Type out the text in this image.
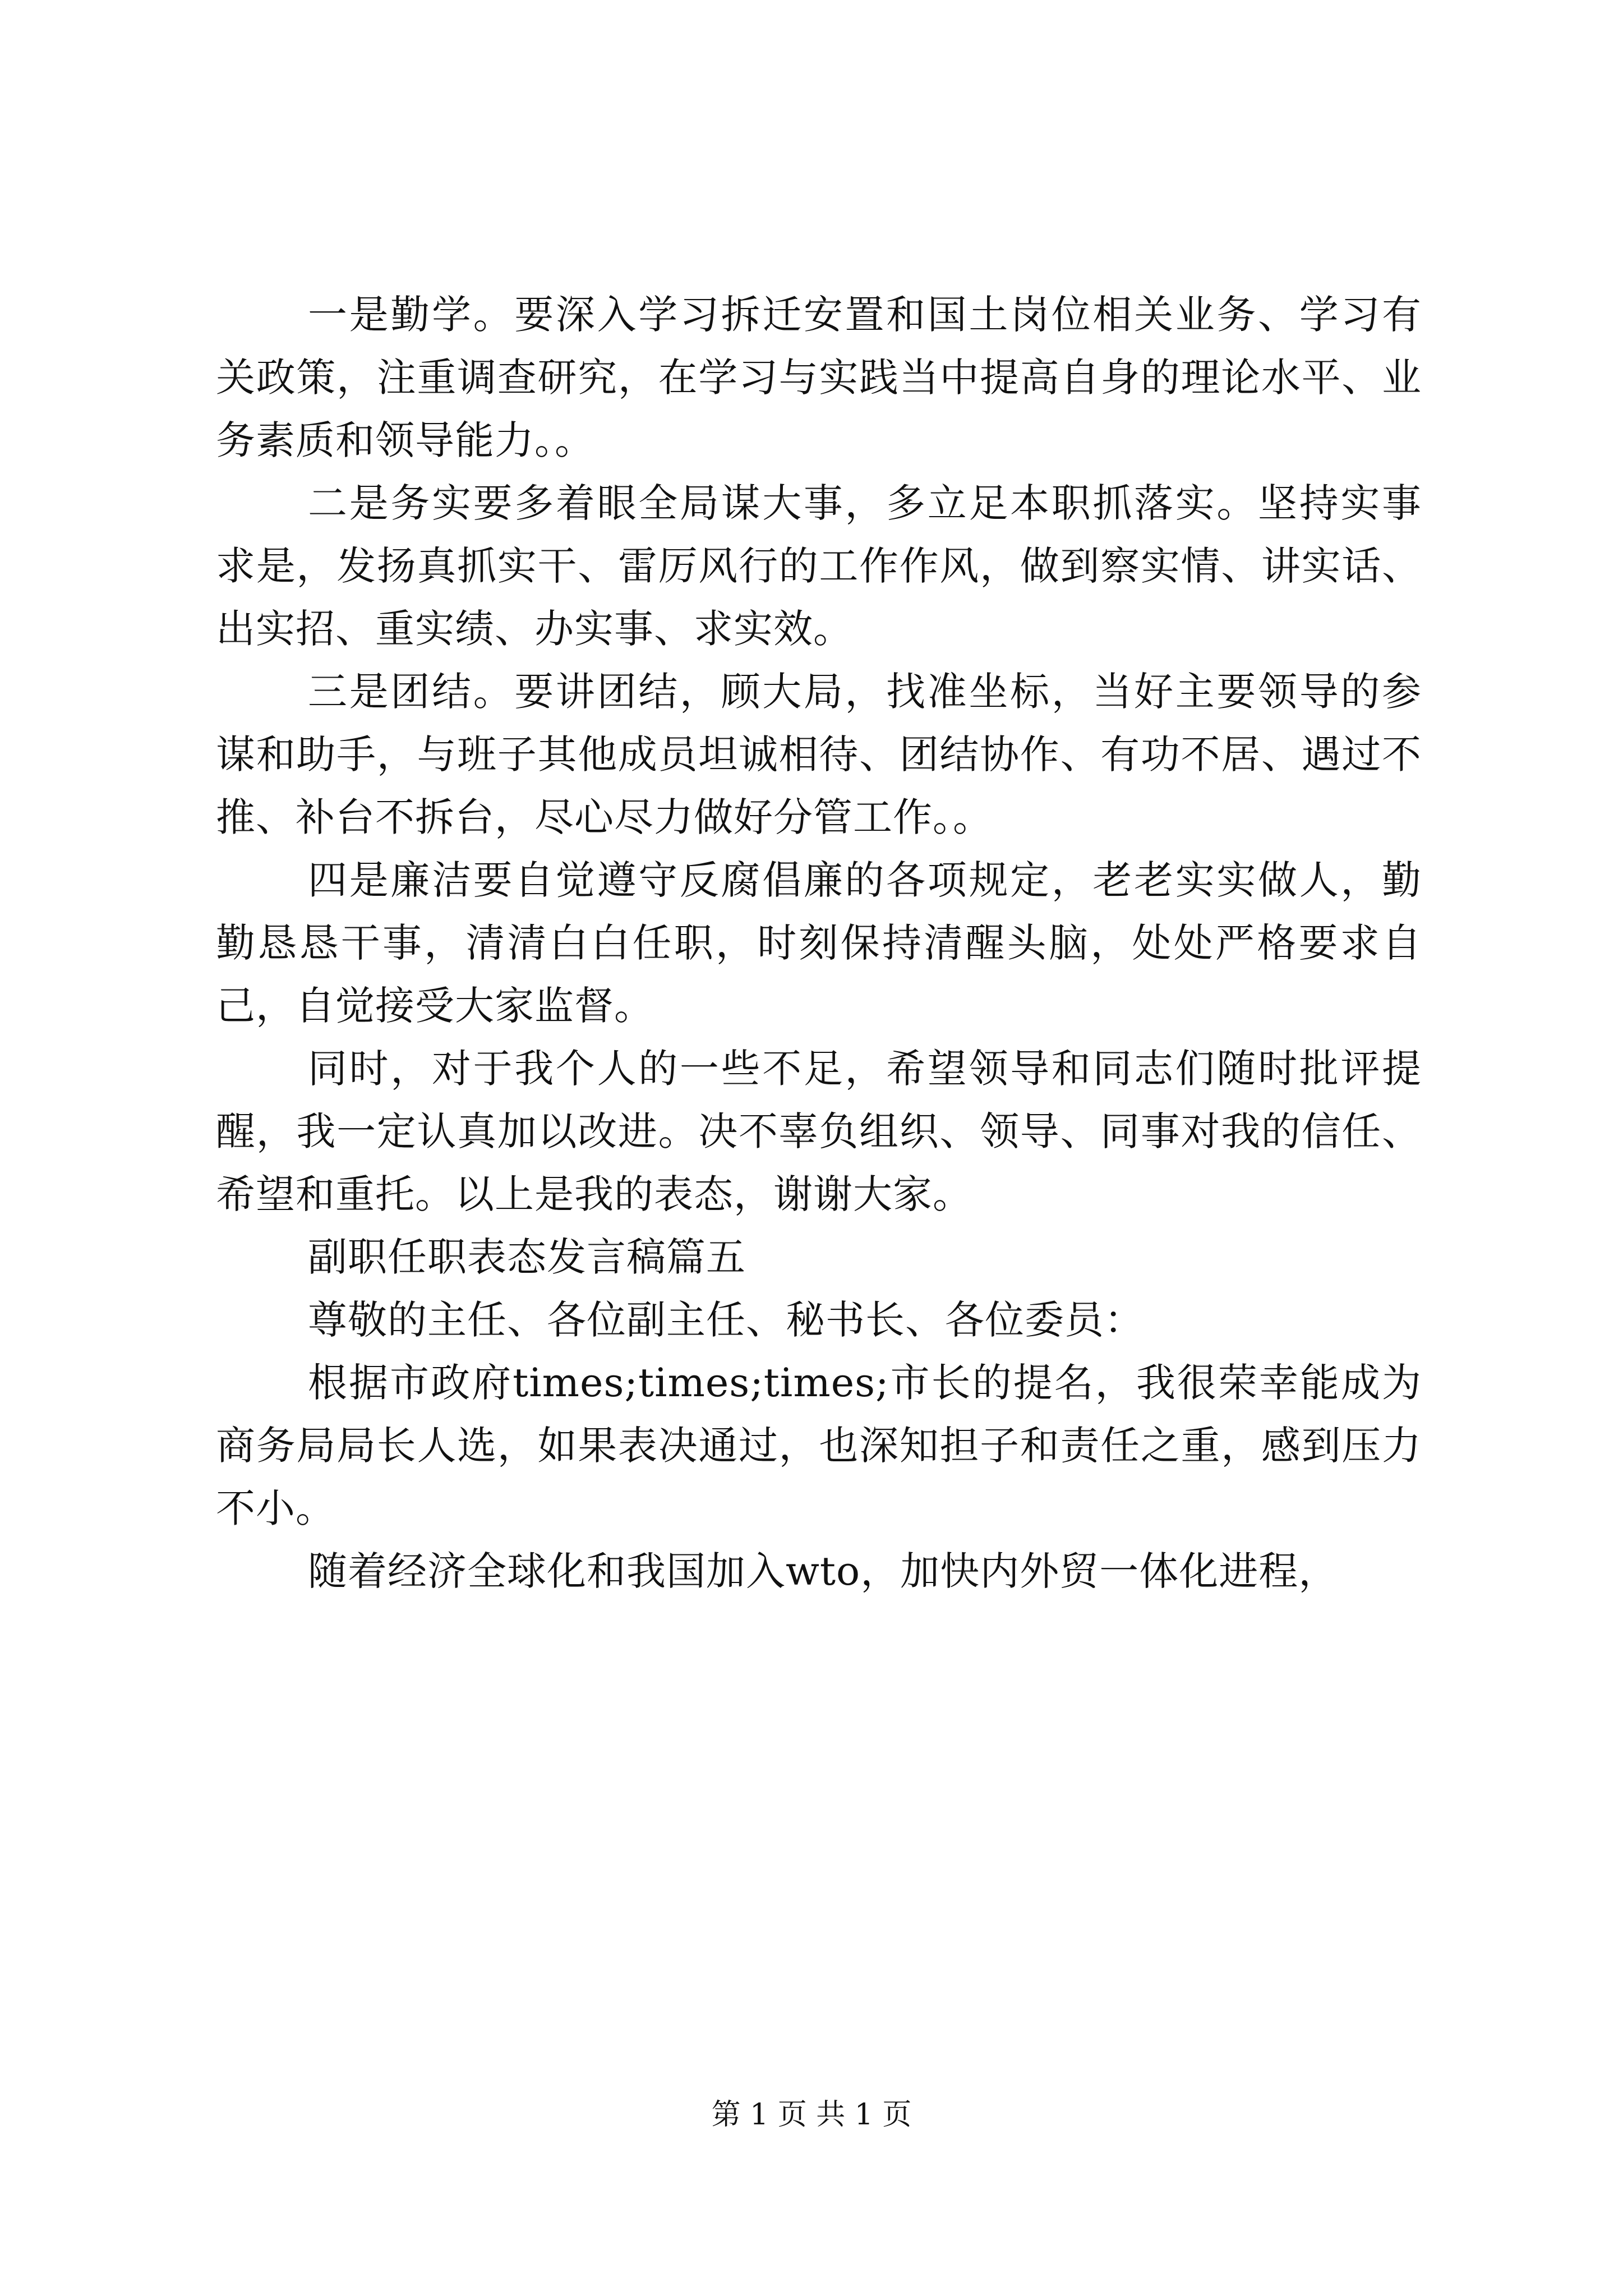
一是勤学。要深入学习拆迁安置和国土岗位相关业务、学习有关政策，注重调查研究，在学习与实践当中提高自身的理论水平、业务素质和领导能力。。

二是务实要多着眼全局谋大事，多立足本职抓落实。坚持实事求是，发扬真抓实干、雷厉风行的工作作风，做到察实情、讲实话、出实招、重实绩、办实事、求实效。

三是团结。要讲团结，顾大局，找准坐标，当好主要领导的参谋和助手，与班子其他成员坦诚相待、团结协作、有功不居、遇过不推、补台不拆台，尽心尽力做好分管工作。。

四是廉洁要自觉遵守反腐倡廉的各项规定，老老实实做人，勤勤恳恳干事，清清白白任职，时刻保持清醒头脑，处处严格要求自己，自觉接受大家监督。

同时，对于我个人的一些不足，希望领导和同志们随时批评提醒，我一定认真加以改进。决不辜负组织、领导、同事对我的信任、希望和重托。以上是我的表态，谢谢大家。

副职任职表态发言稿篇五

尊敬的主任、各位副主任、秘书长、各位委员：

根据市政府times;times;times;市长的提名，我很荣幸能成为商务局局长人选，如果表决通过，也深知担子和责任之重，感到压力不小。

随着经济全球化和我国加入wto，加快内外贸一体化进程，

第 1 页 共 1 页
